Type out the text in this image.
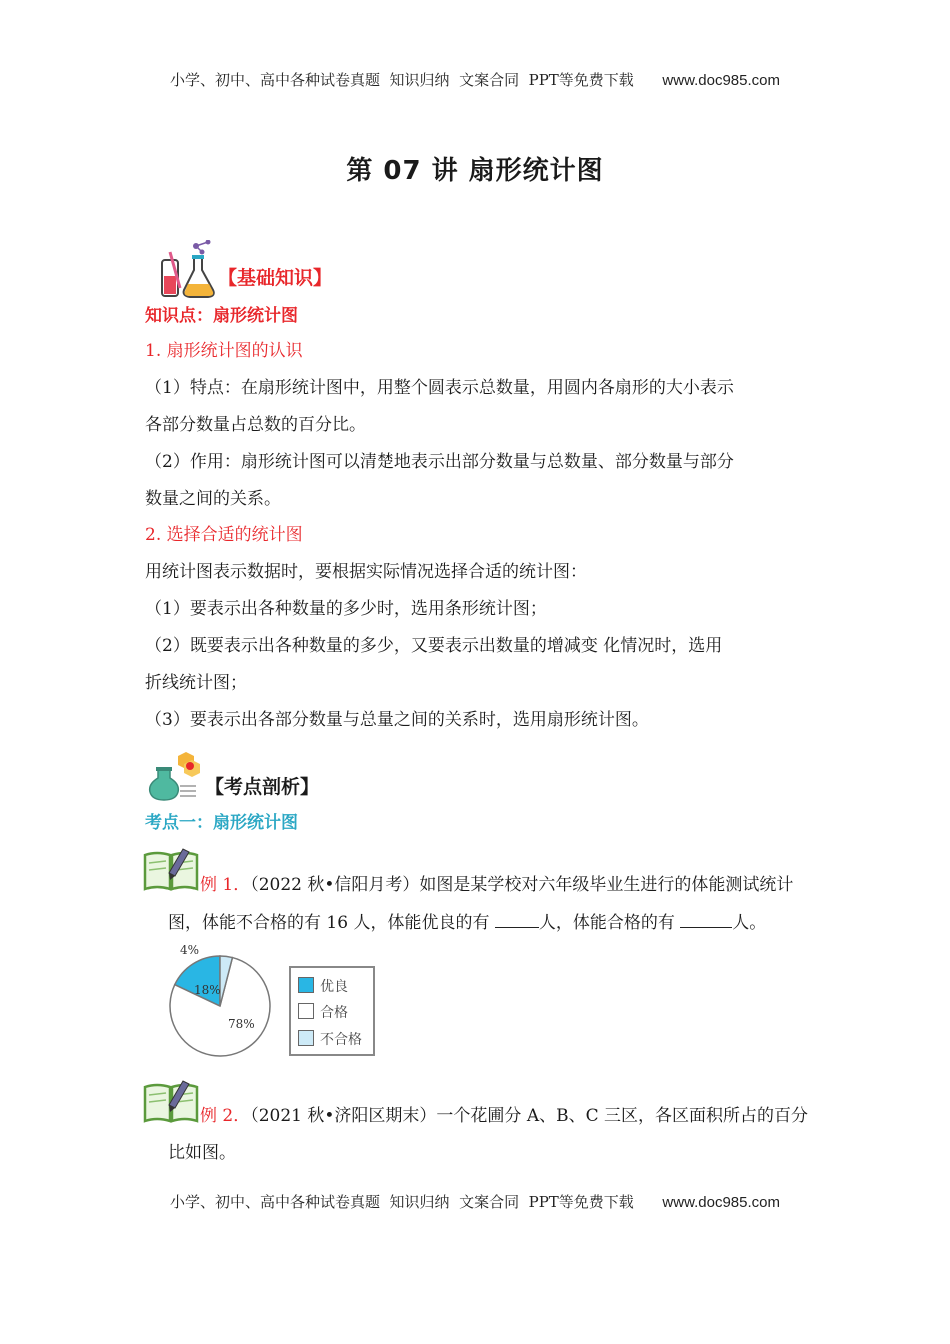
小学、初中、高中各种试卷真题  知识归纳  文案合同  PPT等免费下载 www.doc985.com
第 07 讲 扇形统计图
【基础知识】
知识点：扇形统计图
1. 扇形统计图的认识
（1）特点：在扇形统计图中，用整个圆表示总数量，用圆内各扇形的大小表示
各部分数量占总数的百分比。
（2）作用：扇形统计图可以清楚地表示出部分数量与总数量、部分数量与部分
数量之间的关系。
2. 选择合适的统计图
用统计图表示数据时，要根据实际情况选择合适的统计图：
（1）要表示出各种数量的多少时，选用条形统计图；
（2）既要表示出各种数量的多少，又要表示出数量的增减变 化情况时，选用
折线统计图；
（3）要表示出各部分数量与总量之间的关系时，选用扇形统计图。
【考点剖析】
考点一：扇形统计图
例 1．（2022 秋•信阳月考）如图是某学校对六年级毕业生进行的体能测试统计
图，体能不合格的有 16 人，体能优良的有	人，体能合格的有	人。
18%
78%
4%
优良
合格
不合格
例 2．（2021 秋•济阳区期末）一个花圃分 A、B、C 三区，各区面积所占的百分
比如图。
小学、初中、高中各种试卷真题  知识归纳  文案合同  PPT等免费下载 www.doc985.com
